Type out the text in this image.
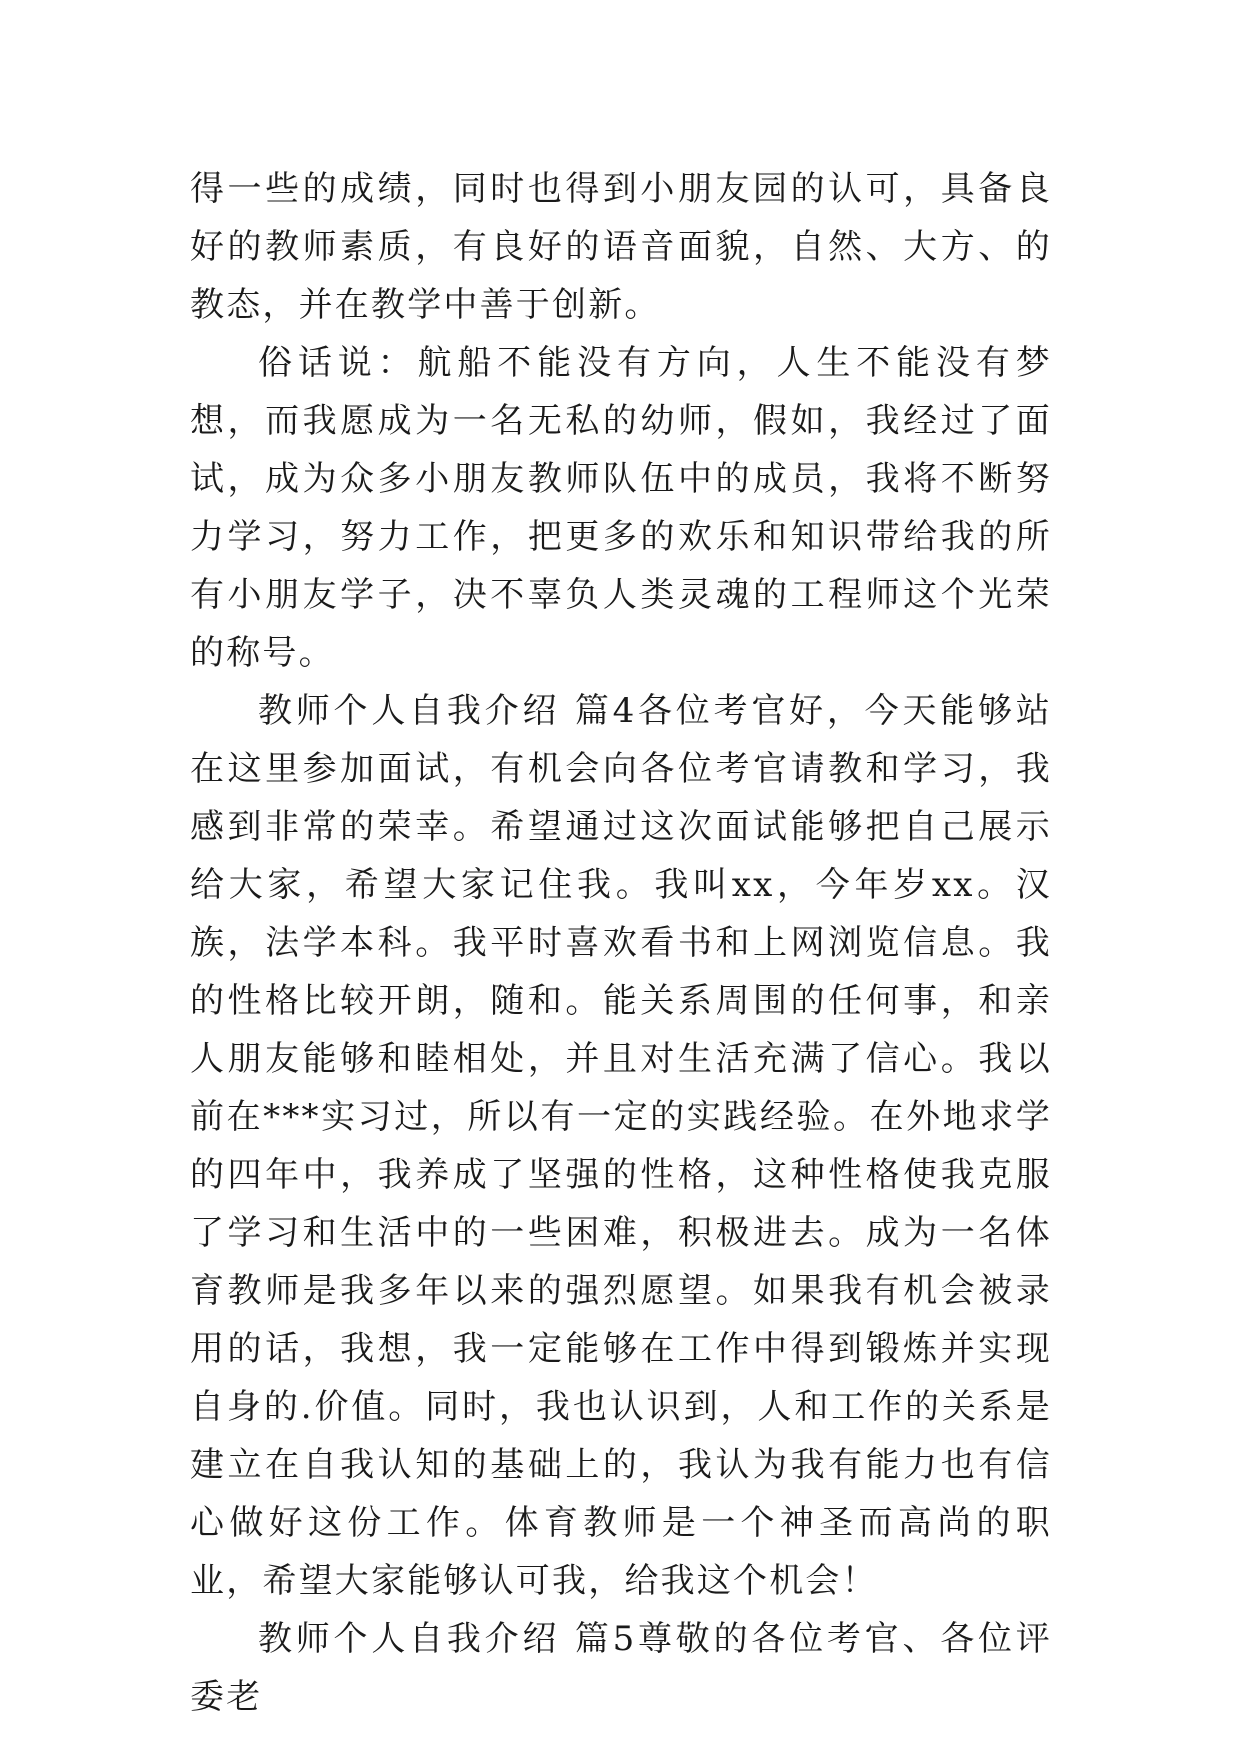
得一些的成绩，同时也得到小朋友园的认可，具备良好的教师素质，有良好的语音面貌，自然、大方、的教态，并在教学中善于创新。

俗话说：航船不能没有方向，人生不能没有梦想，而我愿成为一名无私的幼师，假如，我经过了面试，成为众多小朋友教师队伍中的成员，我将不断努力学习，努力工作，把更多的欢乐和知识带给我的所有小朋友学子，决不辜负人类灵魂的工程师这个光荣的称号。

教师个人自我介绍 篇4各位考官好，今天能够站在这里参加面试，有机会向各位考官请教和学习，我感到非常的荣幸。希望通过这次面试能够把自己展示给大家，希望大家记住我。我叫xx，今年岁xx。汉族，法学本科。我平时喜欢看书和上网浏览信息。我的性格比较开朗，随和。能关系周围的任何事，和亲人朋友能够和睦相处，并且对生活充满了信心。我以前在***实习过，所以有一定的实践经验。在外地求学的四年中，我养成了坚强的性格，这种性格使我克服了学习和生活中的一些困难，积极进去。成为一名体育教师是我多年以来的强烈愿望。如果我有机会被录用的话，我想，我一定能够在工作中得到锻炼并实现自身的.价值。同时，我也认识到，人和工作的关系是建立在自我认知的基础上的，我认为我有能力也有信心做好这份工作。体育教师是一个神圣而高尚的职业，希望大家能够认可我，给我这个机会！

教师个人自我介绍 篇5尊敬的各位考官、各位评委老
